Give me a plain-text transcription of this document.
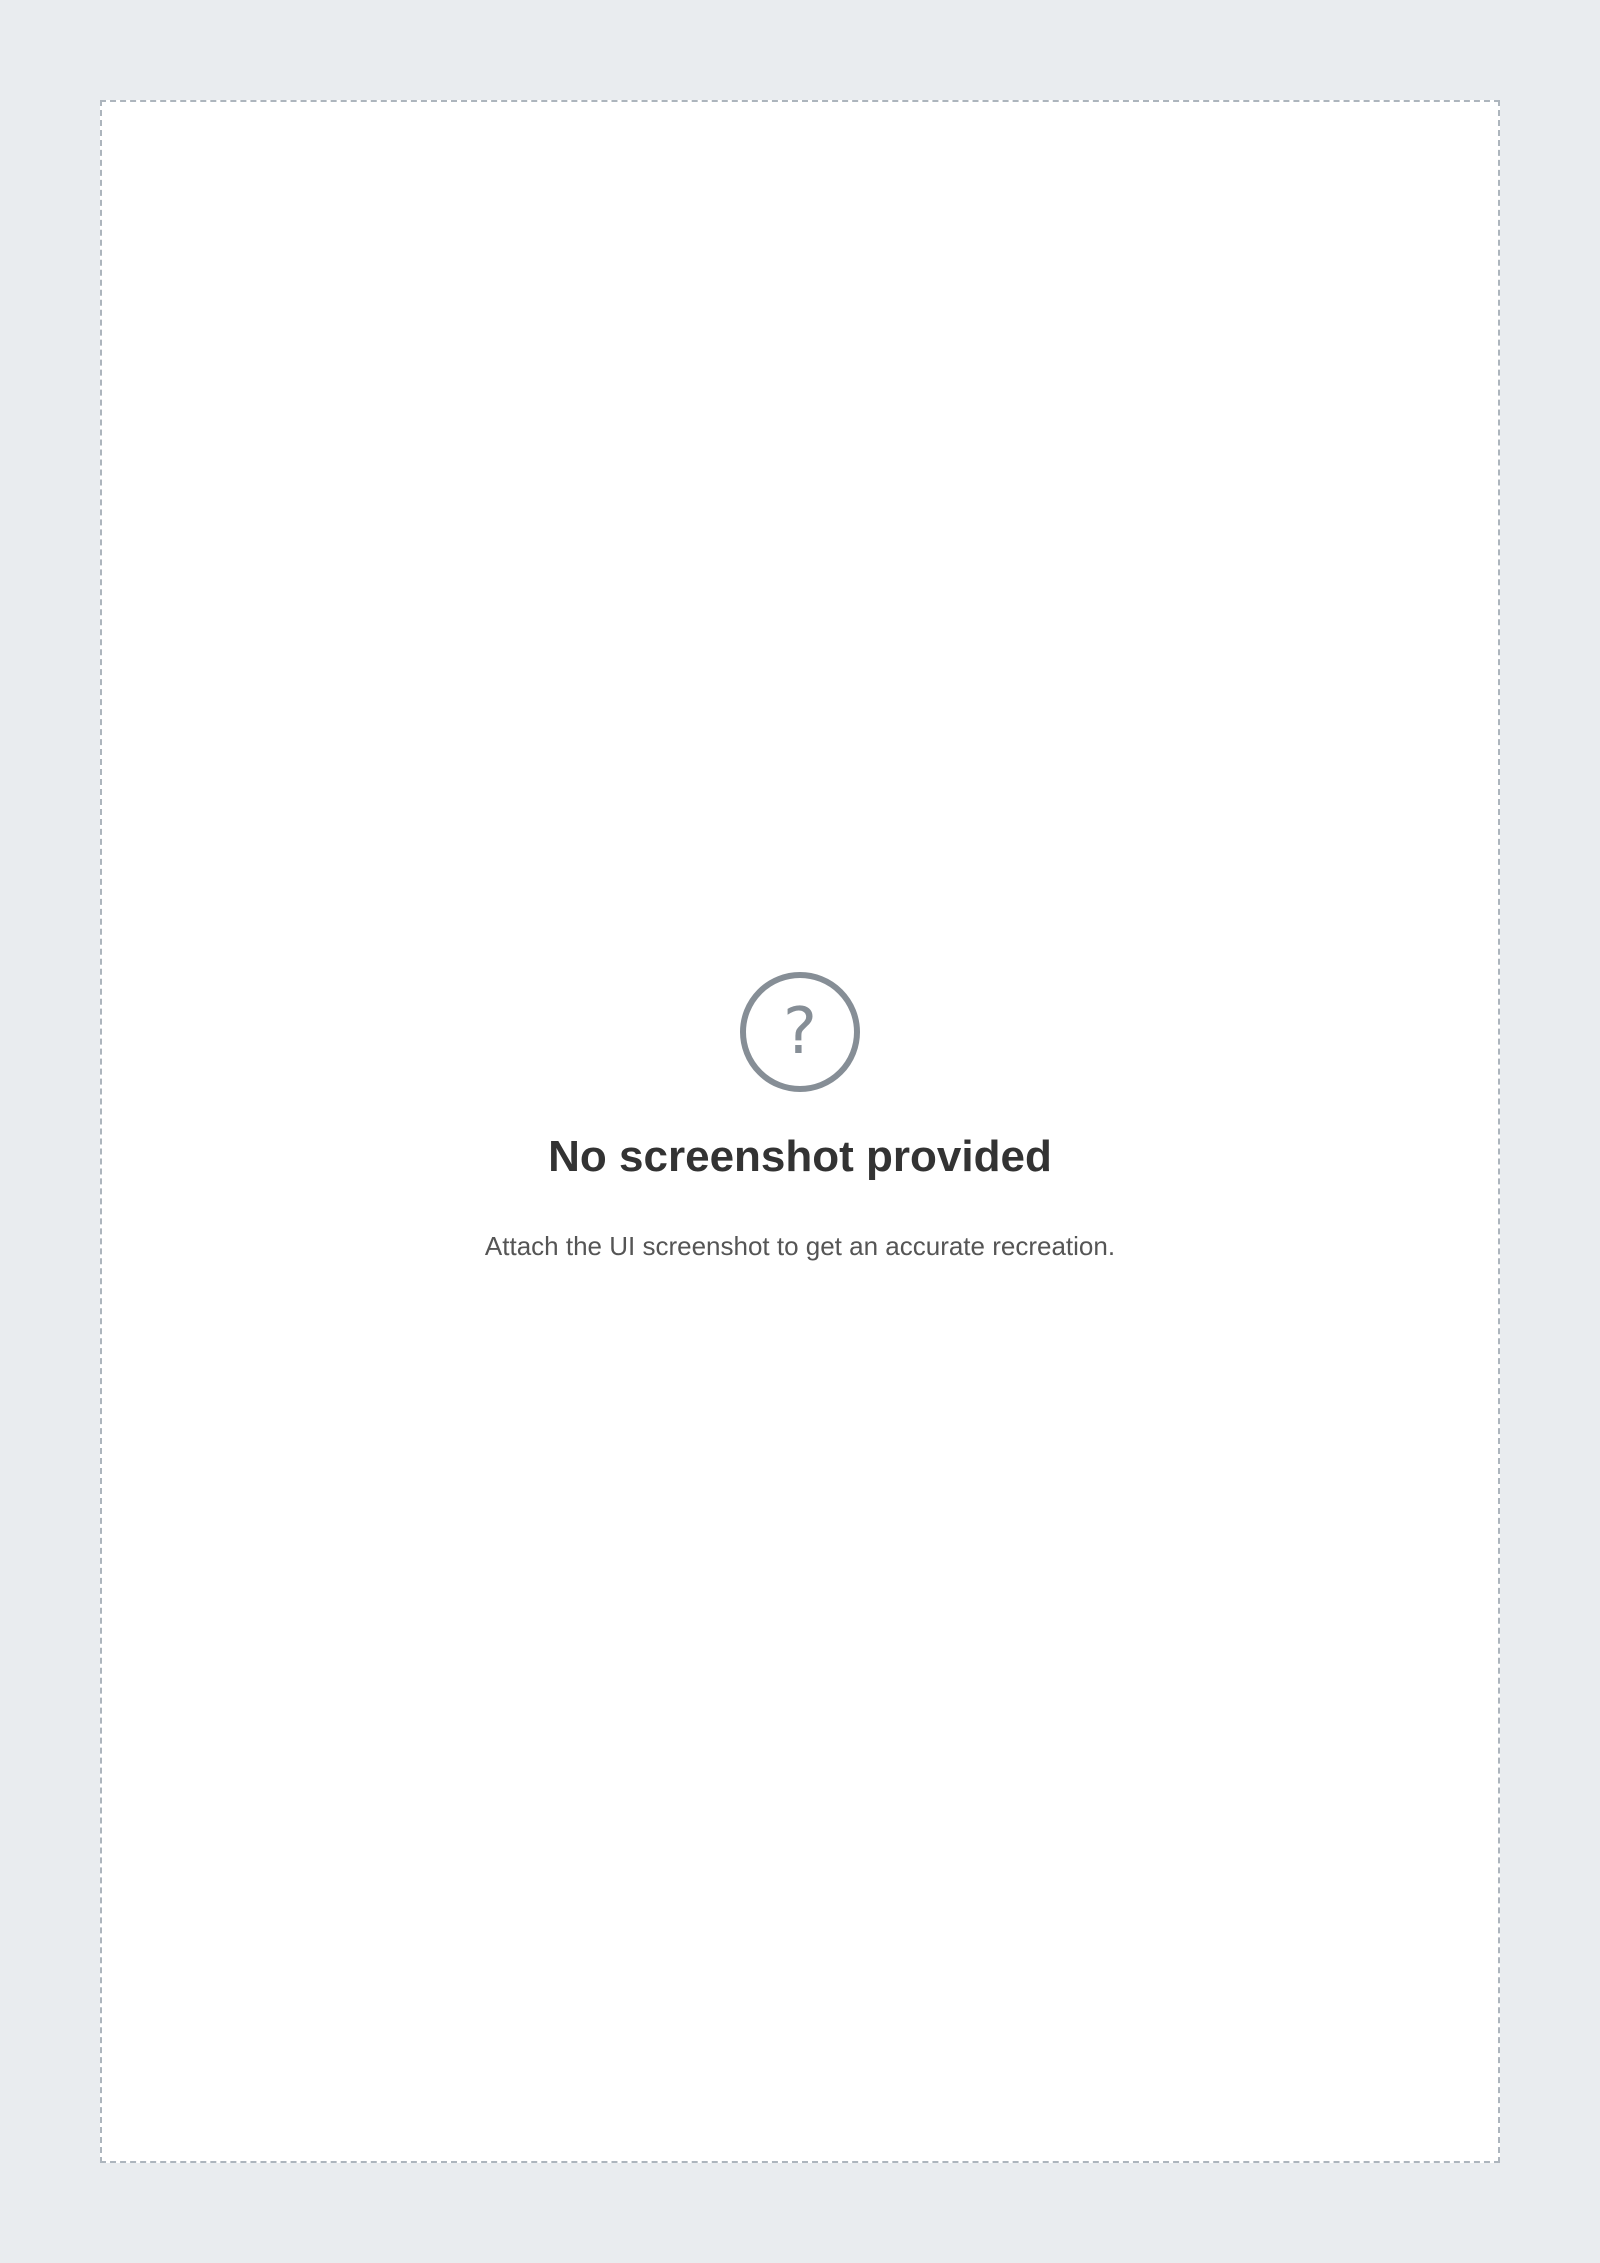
?
No screenshot provided

Attach the UI screenshot to get an accurate recreation.
